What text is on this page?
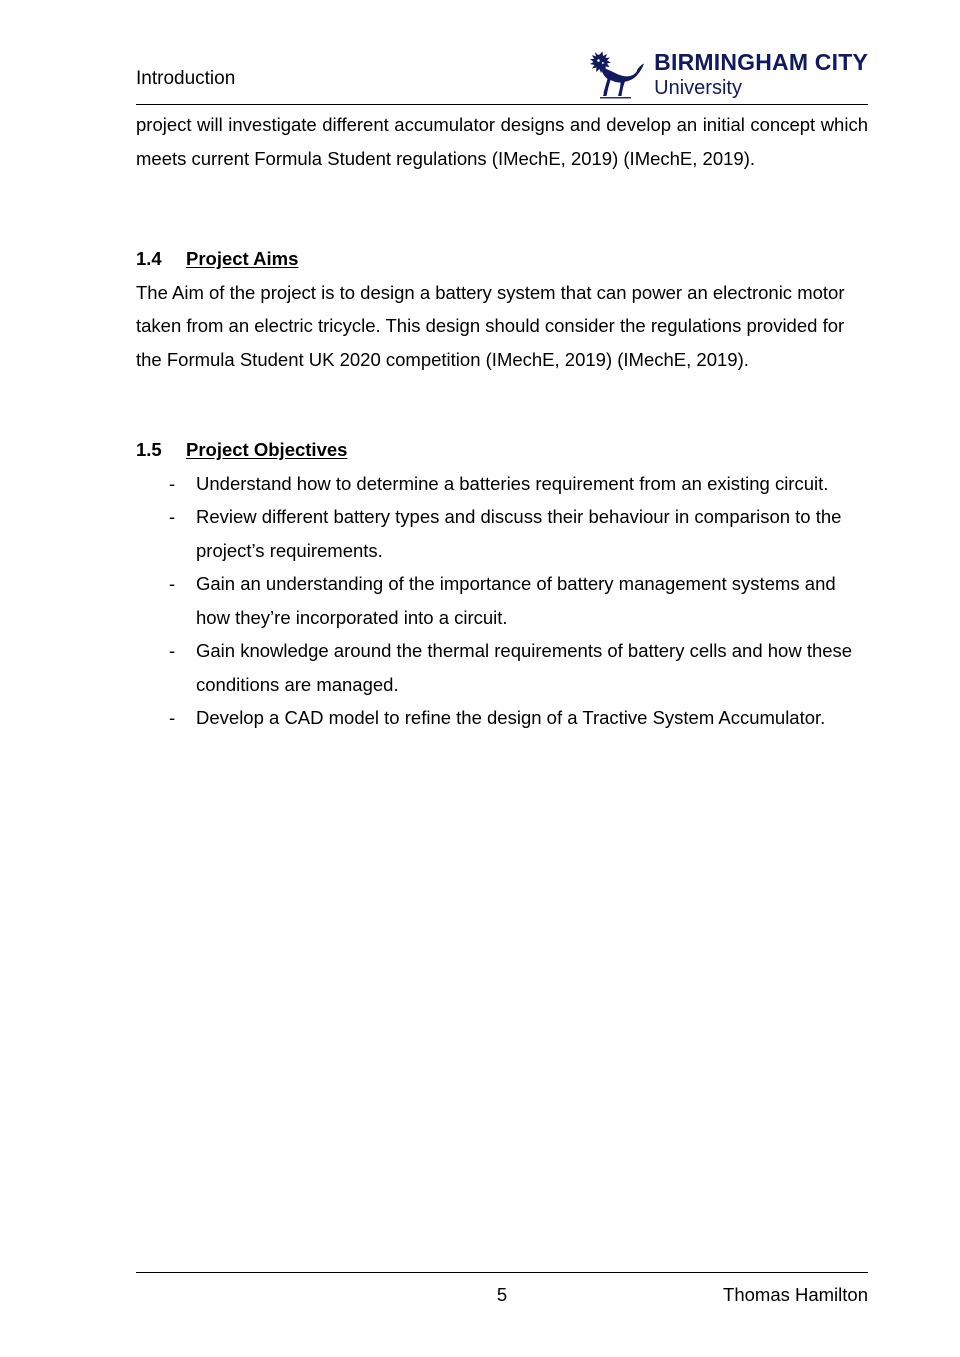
Introduction
BIRMINGHAM CITY
University

project will investigate different accumulator designs and develop an initial concept which meets current Formula Student regulations (IMechE, 2019) (IMechE, 2019).

1.4	Project Aims

The Aim of the project is to design a battery system that can power an electronic motor taken from an electric tricycle. This design should consider the regulations provided for the Formula Student UK 2020 competition (IMechE, 2019) (IMechE, 2019).

1.5	Project Objectives
-	Understand how to determine a batteries requirement from an existing circuit.
-	Review different battery types and discuss their behaviour in comparison to the project’s requirements.
-	Gain an understanding of the importance of battery management systems and how they’re incorporated into a circuit.
-	Gain knowledge around the thermal requirements of battery cells and how these conditions are managed.
-	Develop a CAD model to refine the design of a Tractive System Accumulator.
5	Thomas Hamilton
